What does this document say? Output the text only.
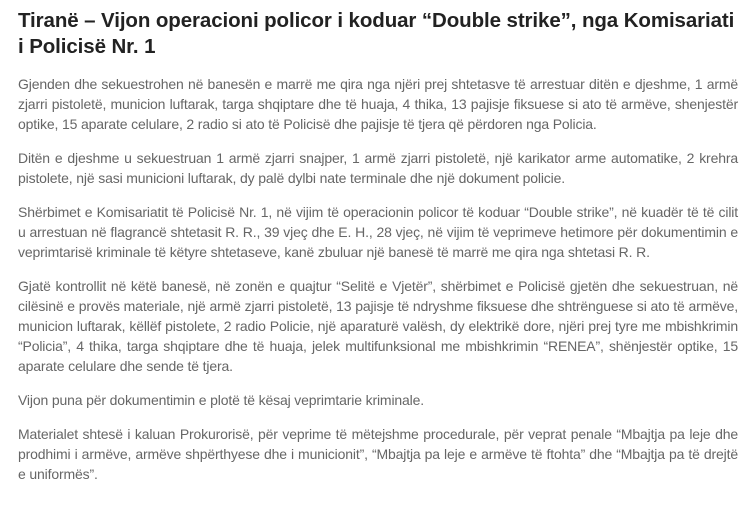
Tiranë – Vijon operacioni policor i koduar “Double strike”, nga Komisariati i Policisë Nr. 1

Gjenden dhe sekuestrohen në banesën e marrë me qira nga njëri prej shtetasve të arrestuar ditën e djeshme, 1 armë zjarri pistoletë, municion luftarak, targa shqiptare dhe të huaja, 4 thika, 13 pajisje fiksuese si ato të armëve, shenjestër optike, 15 aparate celulare, 2 radio si ato të Policisë dhe pajisje të tjera që përdoren nga Policia.

Ditën e djeshme u sekuestruan 1 armë zjarri snajper, 1 armë zjarri pistoletë, një karikator arme automatike, 2 krehra pistolete, një sasi municioni luftarak, dy palë dylbi nate terminale dhe një dokument policie.

Shërbimet e Komisariatit të Policisë Nr. 1, në vijim të operacionin policor të koduar “Double strike”, në kuadër të të cilit u arrestuan në flagrancë shtetasit R. R., 39 vjeç dhe E. H., 28 vjeç, në vijim të veprimeve hetimore për dokumentimin e veprimtarisë kriminale të këtyre shtetaseve, kanë zbuluar një banesë të marrë me qira nga shtetasi R. R.

Gjatë kontrollit në këtë banesë, në zonën e quajtur “Selitë e Vjetër”, shërbimet e Policisë gjetën dhe sekuestruan, në cilësinë e provës materiale, një armë zjarri pistoletë, 13 pajisje të ndryshme fiksuese dhe shtrënguese si ato të armëve, municion luftarak, këllëf pistolete, 2 radio Policie, një aparaturë valësh, dy elektrikë dore, njëri prej tyre me mbishkrimin “Policia”, 4 thika, targa shqiptare dhe të huaja, jelek multifunksional me mbishkrimin “RENEA”, shënjestër optike, 15 aparate celulare dhe sende të tjera.

Vijon puna për dokumentimin e plotë të kësaj veprimtarie kriminale.

Materialet shtesë i kaluan Prokurorisë, për veprime të mëtejshme procedurale, për veprat penale “Mbajtja pa leje dhe prodhimi i armëve, armëve shpërthyese dhe i municionit”, “Mbajtja pa leje e armëve të ftohta” dhe “Mbajtja pa të drejtë e uniformës”.
